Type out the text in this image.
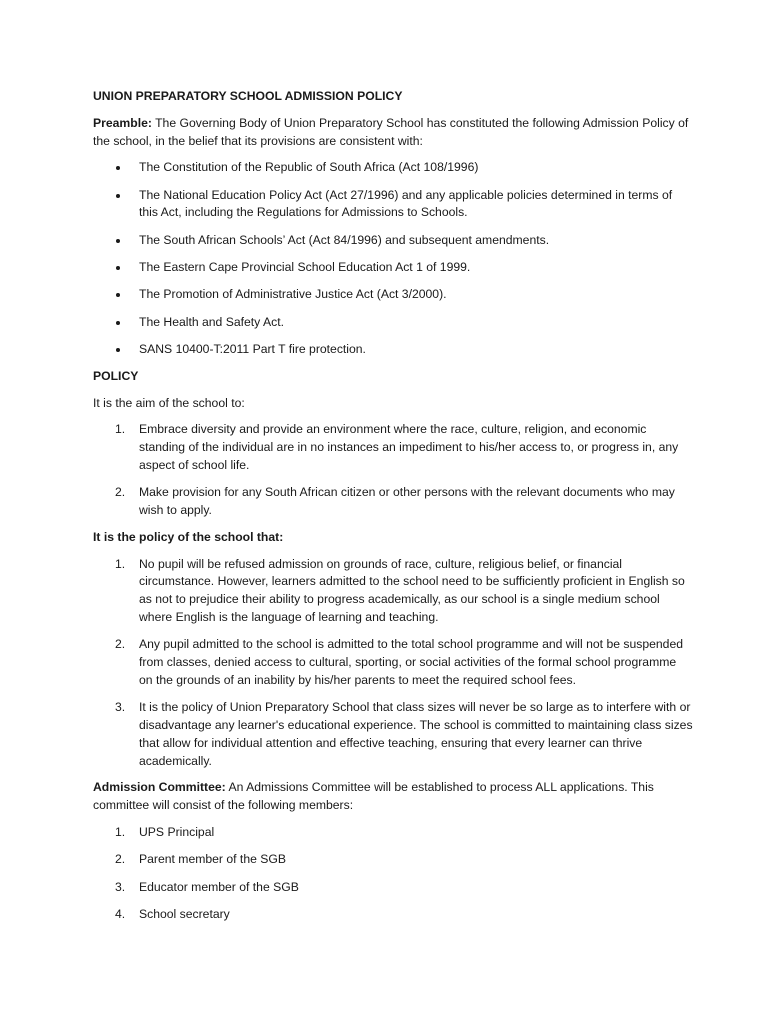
UNION PREPARATORY SCHOOL ADMISSION POLICY

Preamble: The Governing Body of Union Preparatory School has constituted the following Admission Policy of the school, in the belief that its provisions are consistent with:

The Constitution of the Republic of South Africa (Act 108/1996)
The National Education Policy Act (Act 27/1996) and any applicable policies determined in terms of this Act, including the Regulations for Admissions to Schools.
The South African Schools’ Act (Act 84/1996) and subsequent amendments.
The Eastern Cape Provincial School Education Act 1 of 1999.
The Promotion of Administrative Justice Act (Act 3/2000).
The Health and Safety Act.
SANS 10400-T:2011 Part T fire protection.

POLICY

It is the aim of the school to:

1. Embrace diversity and provide an environment where the race, culture, religion, and economic standing of the individual are in no instances an impediment to his/her access to, or progress in, any aspect of school life.
2. Make provision for any South African citizen or other persons with the relevant documents who may wish to apply.

It is the policy of the school that:

1. No pupil will be refused admission on grounds of race, culture, religious belief, or financial circumstance. However, learners admitted to the school need to be sufficiently proficient in English so as not to prejudice their ability to progress academically, as our school is a single medium school where English is the language of learning and teaching.
2. Any pupil admitted to the school is admitted to the total school programme and will not be suspended from classes, denied access to cultural, sporting, or social activities of the formal school programme on the grounds of an inability by his/her parents to meet the required school fees.
3. It is the policy of Union Preparatory School that class sizes will never be so large as to interfere with or disadvantage any learner's educational experience. The school is committed to maintaining class sizes that allow for individual attention and effective teaching, ensuring that every learner can thrive academically.

Admission Committee: An Admissions Committee will be established to process ALL applications. This committee will consist of the following members:

1. UPS Principal
2. Parent member of the SGB
3. Educator member of the SGB
4. School secretary
